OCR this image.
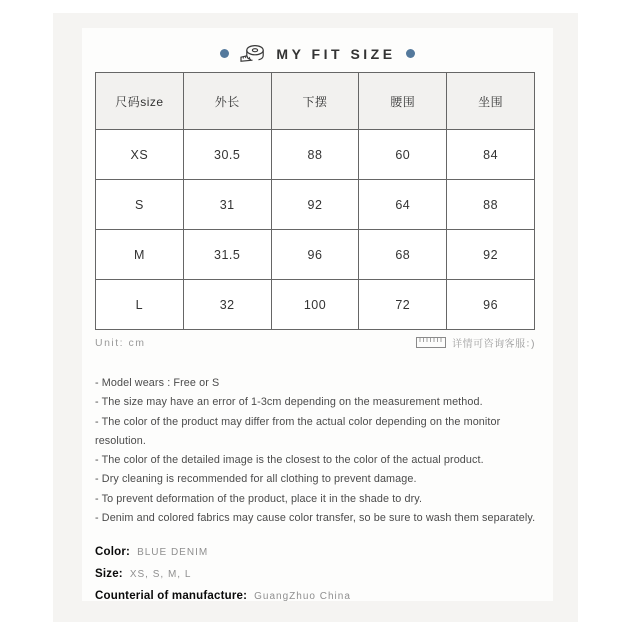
MY FIT SIZE
尺码size	外长	下摆	腰围	坐围
XS	30.5	88	60	84
S	31	92	64	88
M	31.5	96	68	92
L	32	100	72	96
Unit: cm	详情可咨询客服：)
- Model wears : Free or S
- The size may have an error of 1-3cm depending on the measurement method.
- The color of the product may differ from the actual color depending on the monitor resolution.
- The color of the detailed image is the closest to the color of the actual product.
- Dry cleaning is recommended for all clothing to prevent damage.
- To prevent deformation of the product, place it in the shade to dry.
- Denim and colored fabrics may cause color transfer, so be sure to wash them separately.
Color: BLUE DENIM
Size: XS, S, M, L
Counterial of manufacture: GuangZhuo China
